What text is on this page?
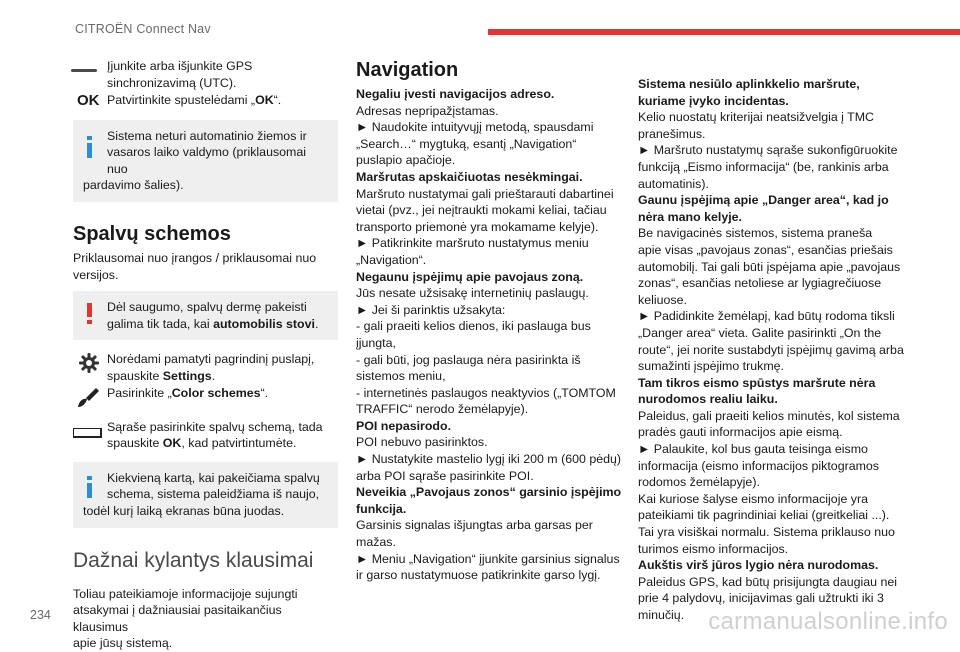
CITROËN Connect Nav

Įjunkite arba išjunkite GPS

sinchronizavimą (UTC).

OK Patvirtinkite spustelėdami „OK“.

Sistema neturi automatinio žiemos ir

vasaros laiko valdymo (priklausomai nuo

pardavimo šalies).

Spalvų schemos

Priklausomai nuo įrangos / priklausomai nuo

versijos.

Dėl saugumo, spalvų dermę pakeisti

galima tik tada, kai automobilis stovi.

Norėdami pamatyti pagrindinį puslapį,

spauskite Settings.

Pasirinkite „Color schemes“.

Sąraše pasirinkite spalvų schemą, tada

spauskite OK, kad patvirtintumėte.

Kiekvieną kartą, kai pakeičiama spalvų

schema, sistema paleidžiama iš naujo,

todėl kurį laiką ekranas būna juodas.

Dažnai kylantys klausimai

Toliau pateikiamoje informacijoje sujungti

atsakymai į dažniausiai pasitaikančius klausimus

apie jūsų sistemą.

Navigation

Negaliu įvesti navigacijos adreso.

Adresas nepripažįstamas.

► Naudokite intuityvųjį metodą, spausdami

„Search…“ mygtuką, esantį „Navigation“

puslapio apačioje.

Maršrutas apskaičiuotas nesėkmingai.

Maršruto nustatymai gali prieštarauti dabartinei

vietai (pvz., jei neįtraukti mokami keliai, tačiau

transporto priemonė yra mokamame kelyje).

► Patikrinkite maršruto nustatymus meniu

„Navigation“.

Negaunu įspėjimų apie pavojaus zoną.

Jūs nesate užsisakę internetinių paslaugų.

► Jei ši parinktis užsakyta:

- gali praeiti kelios dienos, iki paslauga bus

įjungta,

- gali būti, jog paslauga nėra pasirinkta iš

sistemos meniu,

- internetinės paslaugos neaktyvios („TOMTOM

TRAFFIC“ nerodo žemėlapyje).

POI nepasirodo.

POI nebuvo pasirinktos.

► Nustatykite mastelio lygį iki 200 m (600 pėdų)

arba POI sąraše pasirinkite POI.

Neveikia „Pavojaus zonos“ garsinio įspėjimo

funkcija.

Garsinis signalas išjungtas arba garsas per

mažas.

► Meniu „Navigation“ įjunkite garsinius signalus

ir garso nustatymuose patikrinkite garso lygį.

Sistema nesiūlo aplinkkelio maršrute,

kuriame įvyko incidentas.

Kelio nuostatų kriterijai neatsižvelgia į TMC

pranešimus.

► Maršruto nustatymų sąraše sukonfigūruokite

funkciją „Eismo informacija“ (be, rankinis arba

automatinis).

Gaunu įspėjimą apie „Danger area“, kad jo

nėra mano kelyje.

Be navigacinės sistemos, sistema praneša

apie visas „pavojaus zonas“, esančias priešais

automobilį. Tai gali būti įspėjama apie „pavojaus

zonas“, esančias netoliese ar lygiagrečiuose

keliuose.

► Padidinkite žemėlapį, kad būtų rodoma tiksli

„Danger area“ vieta. Galite pasirinkti „On the

route“, jei norite sustabdyti įspėjimų gavimą arba

sumažinti įspėjimo trukmę.

Tam tikros eismo spūstys maršrute nėra

nurodomos realiu laiku.

Paleidus, gali praeiti kelios minutės, kol sistema

pradės gauti informacijos apie eismą.

► Palaukite, kol bus gauta teisinga eismo

informacija (eismo informacijos piktogramos

rodomos žemėlapyje).

Kai kuriose šalyse eismo informacijoje yra

pateikiami tik pagrindiniai keliai (greitkeliai ...).

Tai yra visiškai normalu. Sistema priklauso nuo

turimos eismo informacijos.

Aukštis virš jūros lygio nėra nurodomas.

Paleidus GPS, kad būtų prisijungta daugiau nei

prie 4 palydovų, inicijavimas gali užtrukti iki 3

minučių.

234	carmanualsonline.info
